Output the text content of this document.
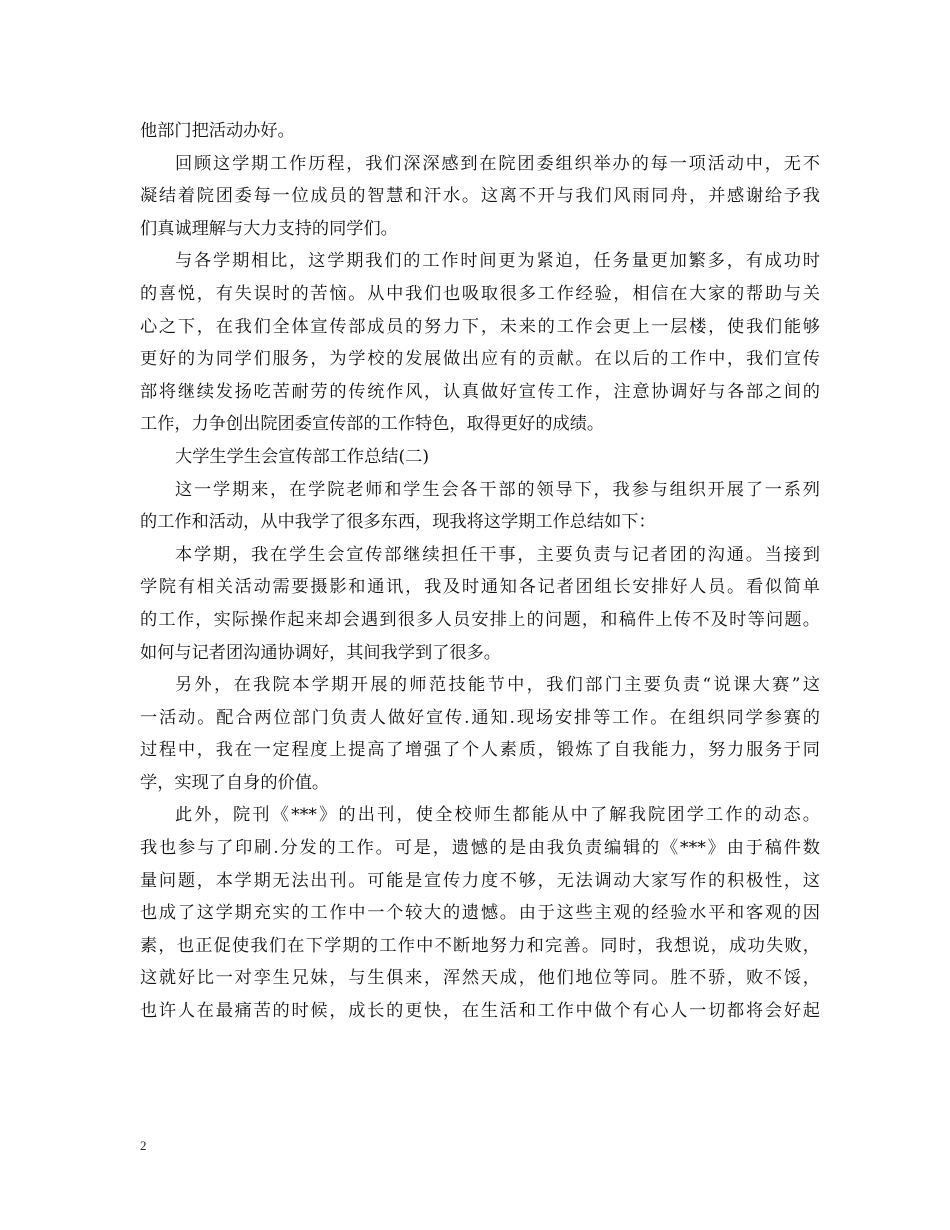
他部门把活动办好。
回顾这学期工作历程，我们深深感到在院团委组织举办的每一项活动中，无不
凝结着院团委每一位成员的智慧和汗水。这离不开与我们风雨同舟，并感谢给予我
们真诚理解与大力支持的同学们。
与各学期相比，这学期我们的工作时间更为紧迫，任务量更加繁多，有成功时
的喜悦，有失误时的苦恼。从中我们也吸取很多工作经验，相信在大家的帮助与关
心之下，在我们全体宣传部成员的努力下，未来的工作会更上一层楼，使我们能够
更好的为同学们服务，为学校的发展做出应有的贡献。在以后的工作中，我们宣传
部将继续发扬吃苦耐劳的传统作风，认真做好宣传工作，注意协调好与各部之间的
工作，力争创出院团委宣传部的工作特色，取得更好的成绩。
大学生学生会宣传部工作总结(二)
这一学期来，在学院老师和学生会各干部的领导下，我参与组织开展了一系列
的工作和活动，从中我学了很多东西，现我将这学期工作总结如下：
本学期，我在学生会宣传部继续担任干事，主要负责与记者团的沟通。当接到
学院有相关活动需要摄影和通讯，我及时通知各记者团组长安排好人员。看似简单
的工作，实际操作起来却会遇到很多人员安排上的问题，和稿件上传不及时等问题。
如何与记者团沟通协调好，其间我学到了很多。
另外，在我院本学期开展的师范技能节中，我们部门主要负责“说课大赛”这
一活动。配合两位部门负责人做好宣传.通知.现场安排等工作。在组织同学参赛的
过程中，我在一定程度上提高了增强了个人素质，锻炼了自我能力，努力服务于同
学，实现了自身的价值。
此外，院刊《***》的出刊，使全校师生都能从中了解我院团学工作的动态。
我也参与了印刷.分发的工作。可是，遗憾的是由我负责编辑的《***》由于稿件数
量问题，本学期无法出刊。可能是宣传力度不够，无法调动大家写作的积极性，这
也成了这学期充实的工作中一个较大的遗憾。由于这些主观的经验水平和客观的因
素，也正促使我们在下学期的工作中不断地努力和完善。同时，我想说，成功失败，
这就好比一对孪生兄妹，与生俱来，浑然天成，他们地位等同。胜不骄，败不馁，
也许人在最痛苦的时候，成长的更快，在生活和工作中做个有心人一切都将会好起
2
